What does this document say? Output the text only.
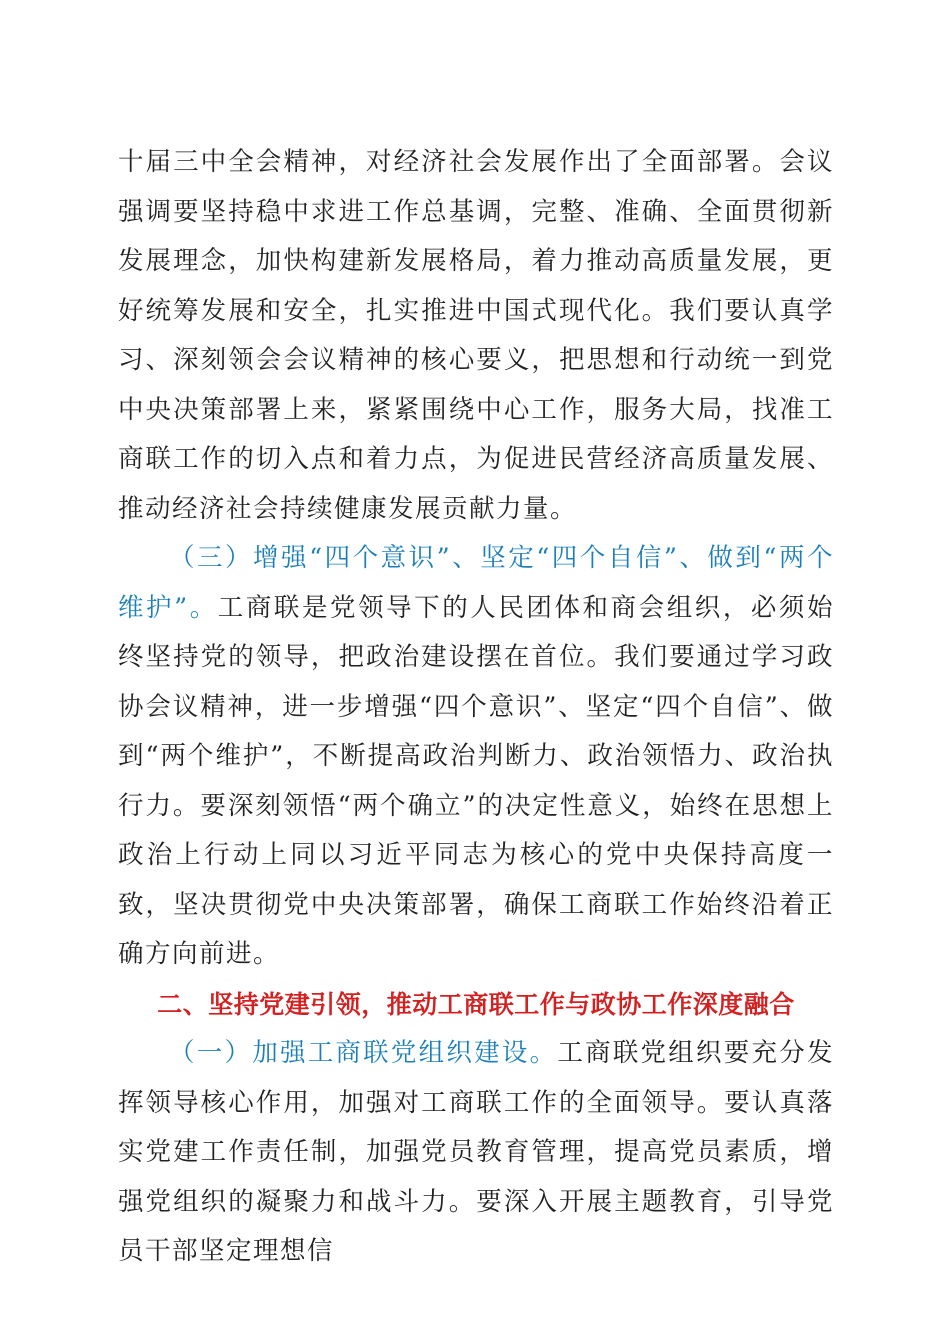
十届三中全会精神，对经济社会发展作出了全面部署。会议强调要坚持稳中求进工作总基调，完整、准确、全面贯彻新发展理念，加快构建新发展格局，着力推动高质量发展，更好统筹发展和安全，扎实推进中国式现代化。我们要认真学习、深刻领会会议精神的核心要义，把思想和行动统一到党中央决策部署上来，紧紧围绕中心工作，服务大局，找准工商联工作的切入点和着力点，为促进民营经济高质量发展、推动经济社会持续健康发展贡献力量。

（三）增强“四个意识”、坚定“四个自信”、做到“两个维护”。工商联是党领导下的人民团体和商会组织，必须始终坚持党的领导，把政治建设摆在首位。我们要通过学习政协会议精神，进一步增强“四个意识”、坚定“四个自信”、做到“两个维护”，不断提高政治判断力、政治领悟力、政治执行力。要深刻领悟“两个确立”的决定性意义，始终在思想上政治上行动上同以习近平同志为核心的党中央保持高度一致，坚决贯彻党中央决策部署，确保工商联工作始终沿着正确方向前进。

二、坚持党建引领，推动工商联工作与政协工作深度融合

（一）加强工商联党组织建设。工商联党组织要充分发挥领导核心作用，加强对工商联工作的全面领导。要认真落实党建工作责任制，加强党员教育管理，提高党员素质，增强党组织的凝聚力和战斗力。要深入开展主题教育，引导党员干部坚定理想信
